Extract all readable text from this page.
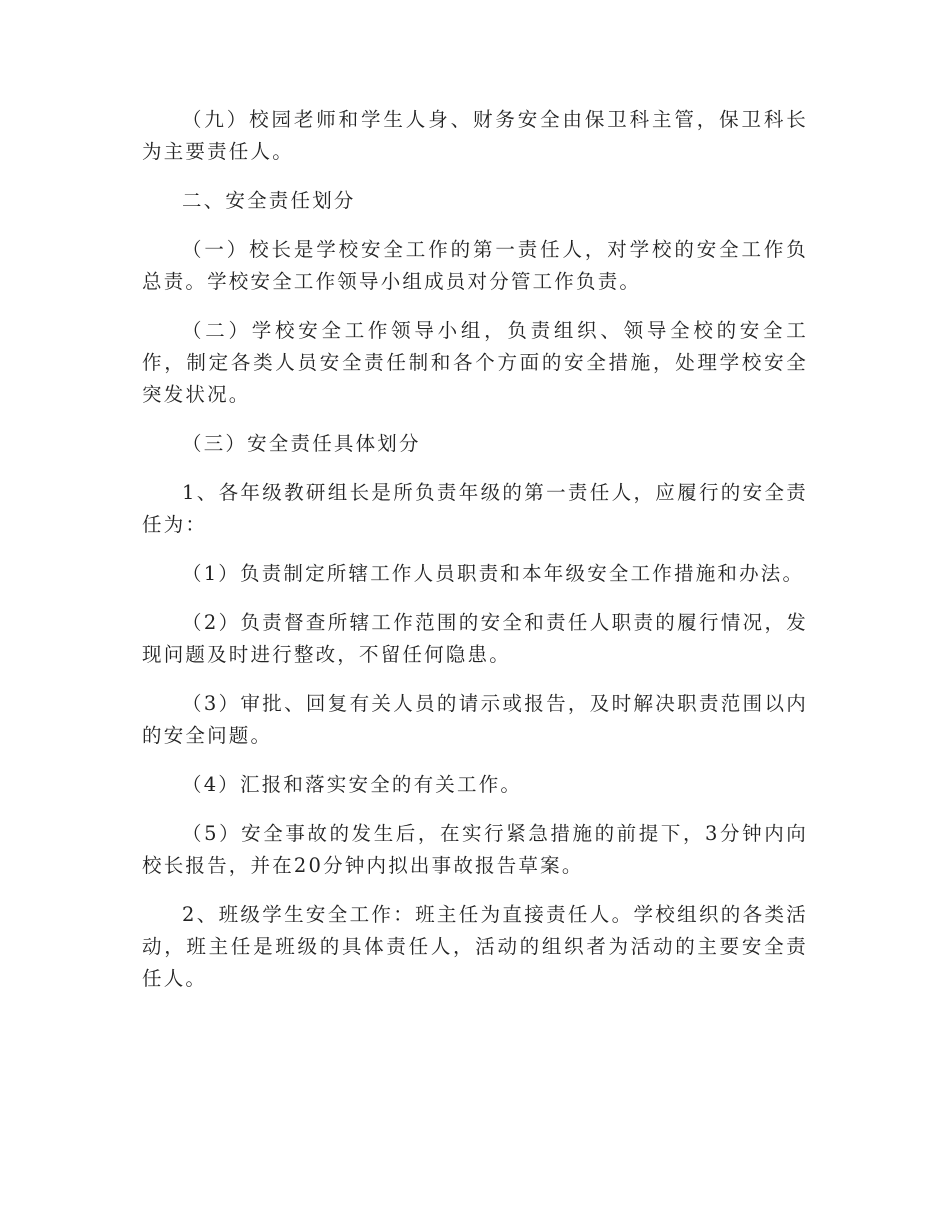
（九）校园老师和学生人身、财务安全由保卫科主管，保卫科长为主要责任人。

二、安全责任划分

（一）校长是学校安全工作的第一责任人，对学校的安全工作负总责。学校安全工作领导小组成员对分管工作负责。

（二）学校安全工作领导小组，负责组织、领导全校的安全工作，制定各类人员安全责任制和各个方面的安全措施，处理学校安全突发状况。

（三）安全责任具体划分

1、各年级教研组长是所负责年级的第一责任人，应履行的安全责任为：

（1）负责制定所辖工作人员职责和本年级安全工作措施和办法。

（2）负责督查所辖工作范围的安全和责任人职责的履行情况，发现问题及时进行整改，不留任何隐患。

（3）审批、回复有关人员的请示或报告，及时解决职责范围以内的安全问题。

（4）汇报和落实安全的有关工作。

（5）安全事故的发生后，在实行紧急措施的前提下，3分钟内向校长报告，并在20分钟内拟出事故报告草案。

2、班级学生安全工作：班主任为直接责任人。学校组织的各类活动，班主任是班级的具体责任人，活动的组织者为活动的主要安全责任人。
